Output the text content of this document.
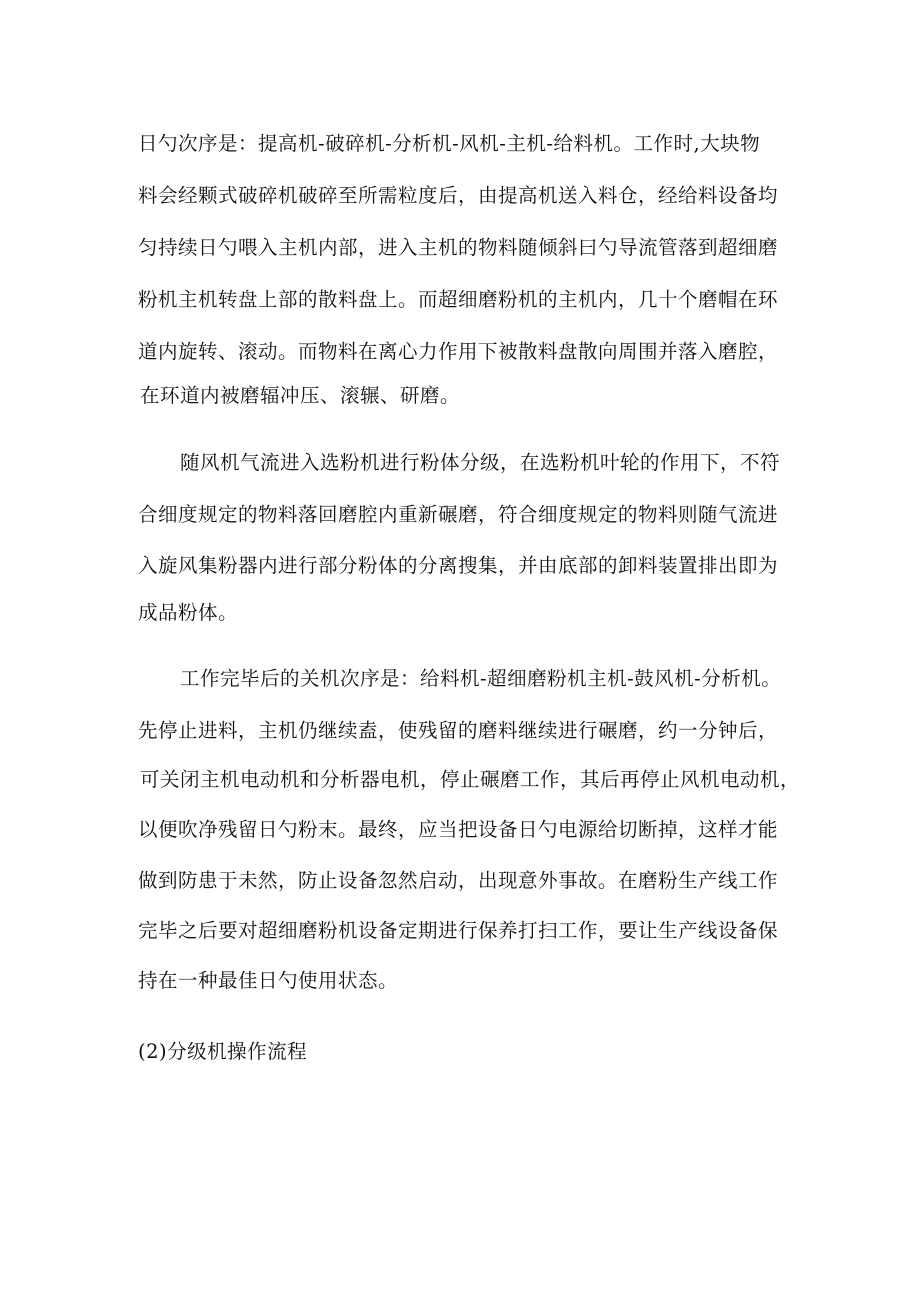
日勺次序是：提高机-破碎机-分析机-风机-主机-给料机。工作时,大块物
料会经颗式破碎机破碎至所需粒度后，由提高机送入料仓，经给料设备均
匀持续日勺喂入主机内部，进入主机的物料随倾斜曰勺导流管落到超细磨
粉机主机转盘上部的散料盘上。而超细磨粉机的主机内，几十个磨帽在环
道内旋转、滚动。而物料在离心力作用下被散料盘散向周围并落入磨腔，
在环道内被磨辐冲压、滚辗、研磨。
随风机气流进入选粉机进行粉体分级，在选粉机叶轮的作用下，不符
合细度规定的物料落回磨腔内重新碾磨，符合细度规定的物料则随气流进
入旋风集粉器内进行部分粉体的分离搜集，并由底部的卸料装置排出即为
成品粉体。
工作完毕后的关机次序是：给料机-超细磨粉机主机-鼓风机-分析机。
先停止进料，主机仍继续盍，使残留的磨料继续进行碾磨，约一分钟后，
可关闭主机电动机和分析器电机，停止碾磨工作，其后再停止风机电动机，
以便吹净残留日勺粉末。最终，应当把设备日勺电源给切断掉，这样才能
做到防患于未然，防止设备忽然启动，出现意外事故。在磨粉生产线工作
完毕之后要对超细磨粉机设备定期进行保养打扫工作，要让生产线设备保
持在一种最佳日勺使用状态。
(2)分级机操作流程
